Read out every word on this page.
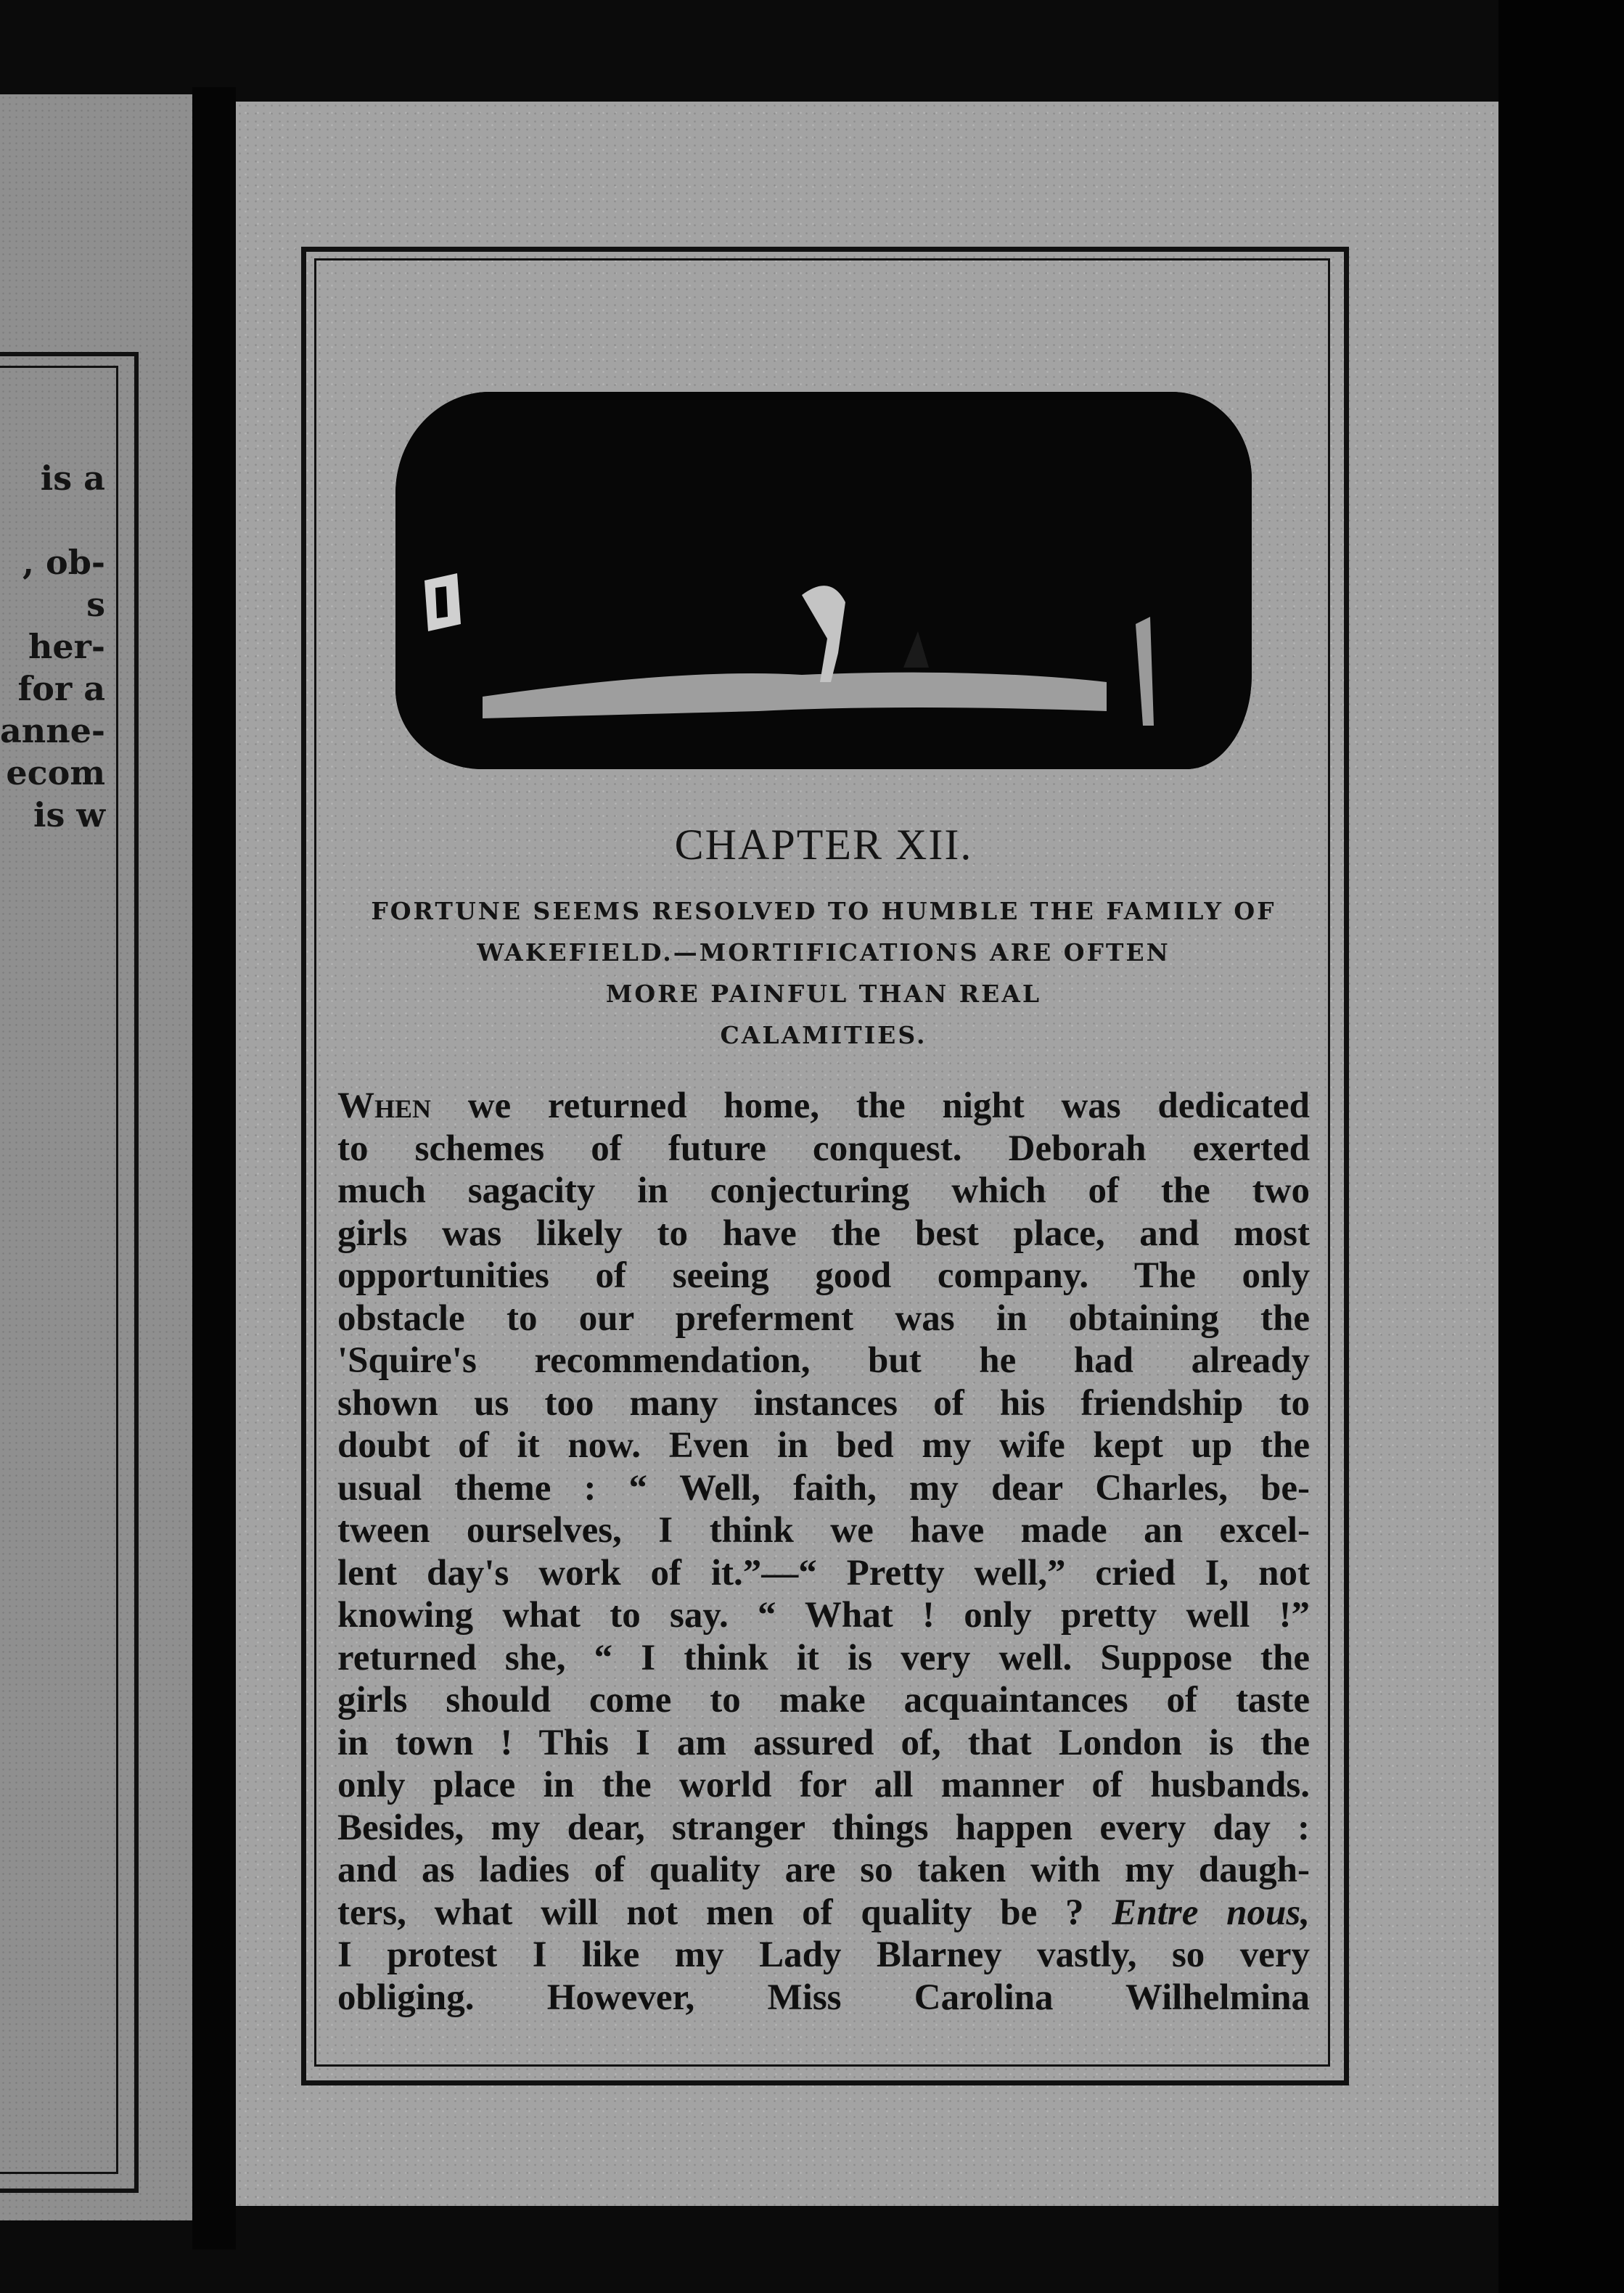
is a
, ob-
s her-
for a
anne-
ecom
is w
CHAPTER XII.
FORTUNE SEEMS RESOLVED TO HUMBLE THE FAMILY OF
WAKEFIELD.—MORTIFICATIONS ARE OFTEN
MORE PAINFUL THAN REAL
CALAMITIES.
When we returned home, the night was dedicated
to schemes of future conquest. Deborah exerted
much sagacity in conjecturing which of the two
girls was likely to have the best place, and most
opportunities of seeing good company. The only
obstacle to our preferment was in obtaining the
'Squire's recommendation, but he had already
shown us too many instances of his friendship to
doubt of it now. Even in bed my wife kept up the
usual theme : “ Well, faith, my dear Charles, be-
tween ourselves, I think we have made an excel-
lent day's work of it.”—“ Pretty well,” cried I, not
knowing what to say. “ What ! only pretty well !”
returned she, “ I think it is very well. Suppose the
girls should come to make acquaintances of taste
in town ! This I am assured of, that London is the
only place in the world for all manner of husbands.
Besides, my dear, stranger things happen every day :
and as ladies of quality are so taken with my daugh-
ters, what will not men of quality be ? Entre nous,
I protest I like my Lady Blarney vastly, so very
obliging. However, Miss Carolina Wilhelmina
